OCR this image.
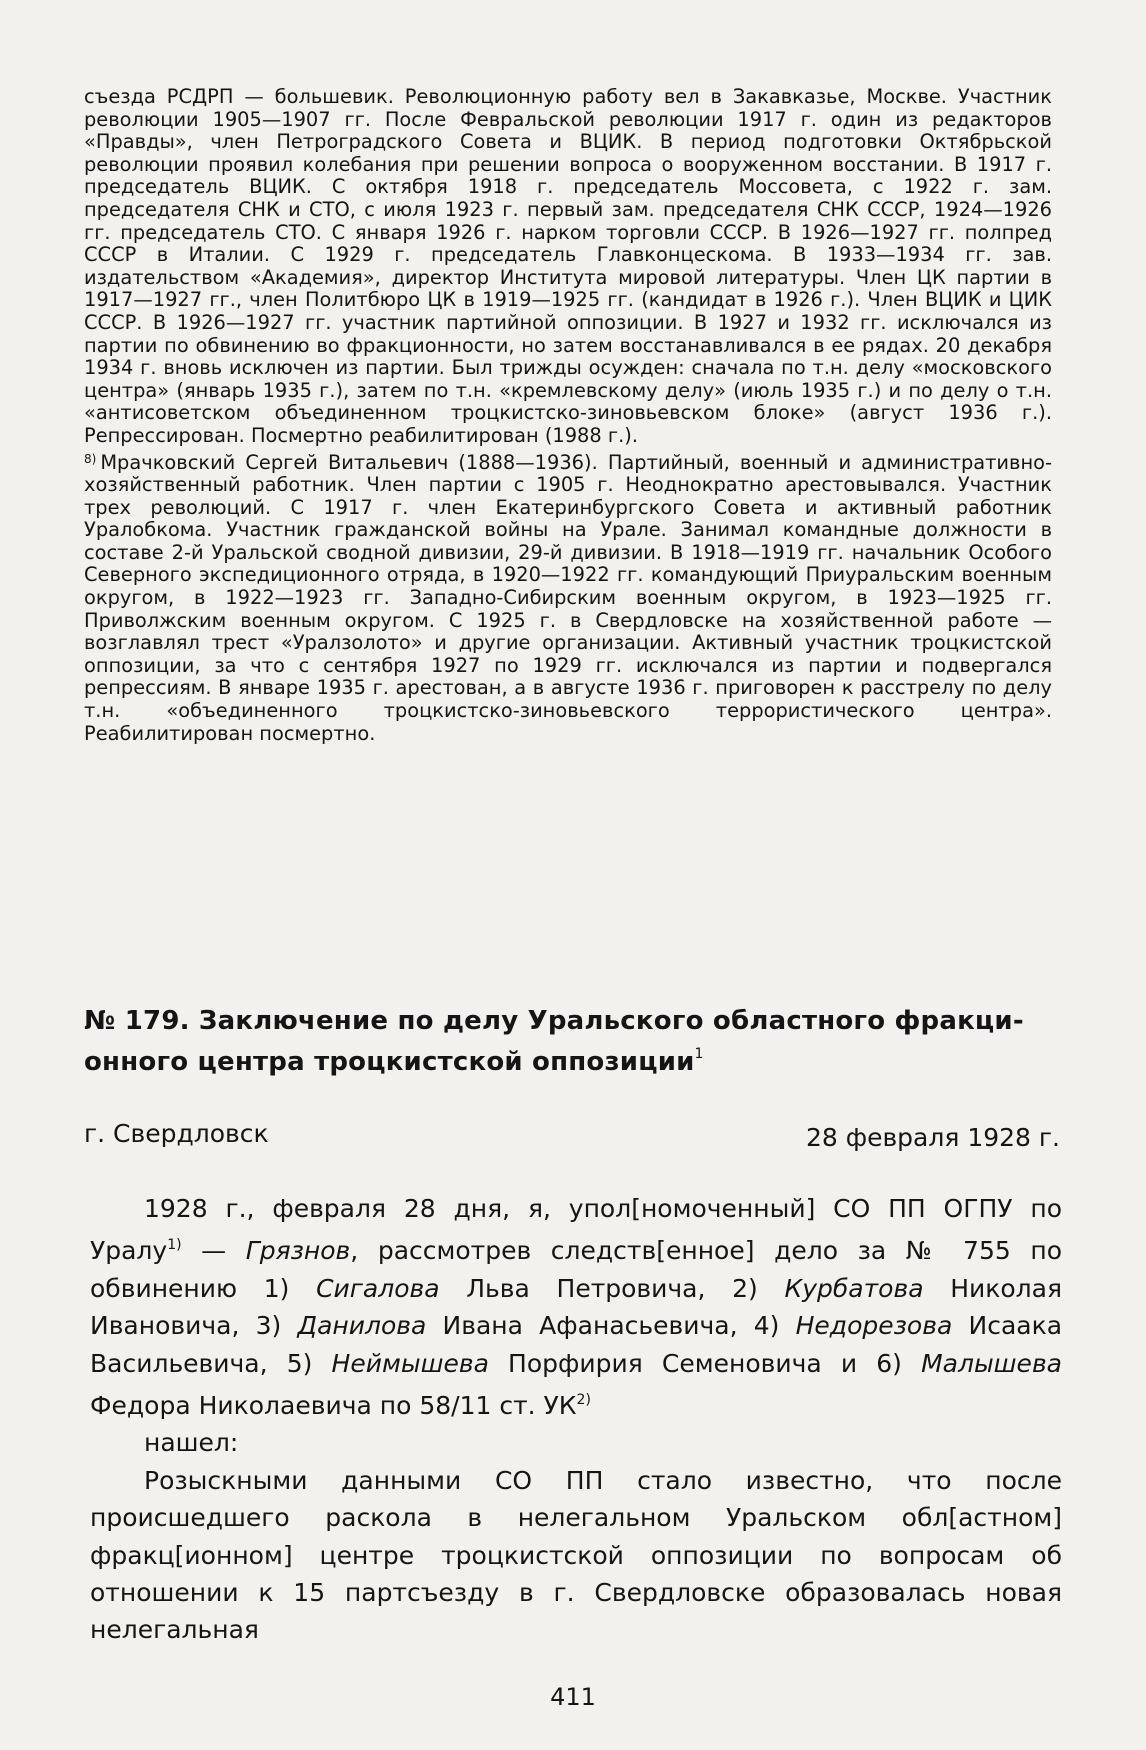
съезда РСДРП — большевик. Революционную работу вел в Закавказье, Москве. Участник революции 1905—1907 гг. После Февральской революции 1917 г. один из редакторов «Правды», член Петроградского Совета и ВЦИК. В период подготовки Октябрьской революции проявил колебания при решении вопроса о вооруженном восстании. В 1917 г. председатель ВЦИК. С октября 1918 г. председатель Моссовета, с 1922 г. зам. председателя СНК и СТО, с июля 1923 г. первый зам. председателя СНК СССР, 1924—1926 гг. председатель СТО. С января 1926 г. нарком торговли СССР. В 1926—1927 гг. полпред СССР в Италии. С 1929 г. председатель Главконцескома. В 1933—1934 гг. зав. издательством «Академия», директор Института мировой литературы. Член ЦК партии в 1917—1927 гг., член Политбюро ЦК в 1919—1925 гг. (кандидат в 1926 г.). Член ВЦИК и ЦИК СССР. В 1926—1927 гг. участник партийной оппозиции. В 1927 и 1932 гг. исключался из партии по обвинению во фракционности, но затем восстанавливался в ее рядах. 20 декабря 1934 г. вновь исключен из партии. Был трижды осужден: сначала по т.н. делу «московского центра» (январь 1935 г.), затем по т.н. «кремлевскому делу» (июль 1935 г.) и по делу о т.н. «антисоветском объединенном троцкистско-зиновьевском блоке» (август 1936 г.). Репрессирован. Посмертно реабилитирован (1988 г.).

$^{8)}$ Мрачковский Сергей Витальевич (1888—1936). Партийный, военный и административно-хозяйственный работник. Член партии с 1905 г. Неоднократно арестовывался. Участник трех революций. С 1917 г. член Екатеринбургского Совета и активный работник Уралобкома. Участник гражданской войны на Урале. Занимал командные должности в составе 2-й Уральской сводной дивизии, 29-й дивизии. В 1918—1919 гг. начальник Особого Северного экспедиционного отряда, в 1920—1922 гг. командующий Приуральским военным округом, в 1922—1923 гг. Западно-Сибирским военным округом, в 1923—1925 гг. Приволжским военным округом. С 1925 г. в Свердловске на хозяйственной работе — возглавлял трест «Уралзолото» и другие организации. Активный участник троцкистской оппозиции, за что с сентября 1927 по 1929 гг. исключался из партии и подвергался репрессиям. В январе 1935 г. арестован, а в августе 1936 г. приговорен к расстрелу по делу т.н. «объединенного троцкистско-зиновьевского террористического центра». Реабилитирован посмертно.

№ 179. Заключение по делу Уральского областного фракци-
онного центра троцкистской оппозиции$^1$
г. Свердловск	28 февраля 1928 г.

1928 г., февраля 28 дня, я, упол[номоченный] СО ПП ОГПУ по Уралу$^{1)}$ — Грязнов, рассмотрев следств[енное] дело за № 755 по обвинению 1) Сигалова Льва Петровича, 2) Курбатова Николая Ивановича, 3) Данилова Ивана Афанасьевича, 4) Недорезова Исаака Васильевича, 5) Неймышева Порфирия Семеновича и 6) Малышева Федора Николаевича по 58/11 ст. УК$^{2)}$

нашел:

Розыскными данными СО ПП стало известно, что после происшедшего раскола в нелегальном Уральском обл[астном] фракц[ионном] центре троцкистской оппозиции по вопросам об отношении к 15 партсъезду в г. Свердловске образовалась новая нелегальная

411
